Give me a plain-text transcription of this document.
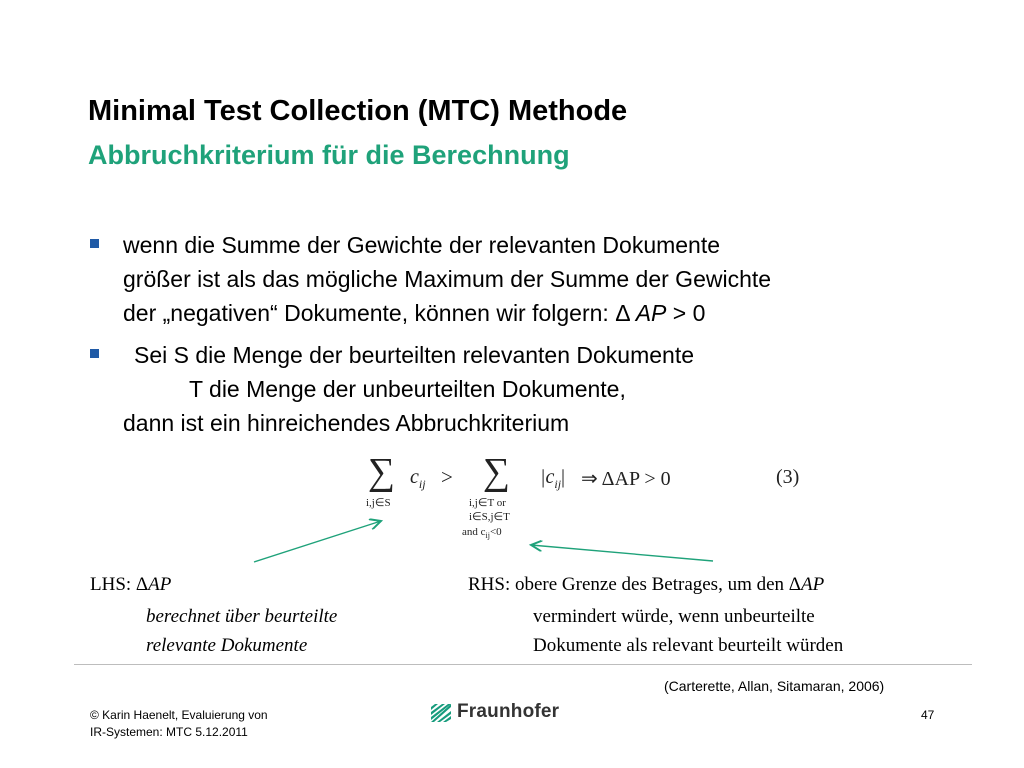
Minimal Test Collection (MTC) Methode
Abbruchkriterium für die Berechnung
wenn die Summe der Gewichte der relevanten Dokumente
größer ist als das mögliche Maximum der Summe der Gewichte
der „negativen“ Dokumente, können wir folgern: Δ AP > 0
Sei S die Menge der beurteilten relevanten Dokumente
T die Menge der unbeurteilten Dokumente,
dann ist ein hinreichendes Abbruchkriterium
∑
i,j∈S
$c_{ij}$ > ∑
i,j∈T or
i∈S,j∈T
and $c_{ij}<0$
$|c_{ij}|$ ⇒ ΔAP > 0	(3)
LHS: ΔAP
berechnet über beurteilte
relevante Dokumente
RHS: obere Grenze des Betrages, um den ΔAP
vermindert würde, wenn unbeurteilte
Dokumente als relevant beurteilt würden
(Carterette, Allan, Sitamaran, 2006)
© Karin Haenelt, Evaluierung von
IR-Systemen: MTC 5.12.2011
Fraunhofer	47
